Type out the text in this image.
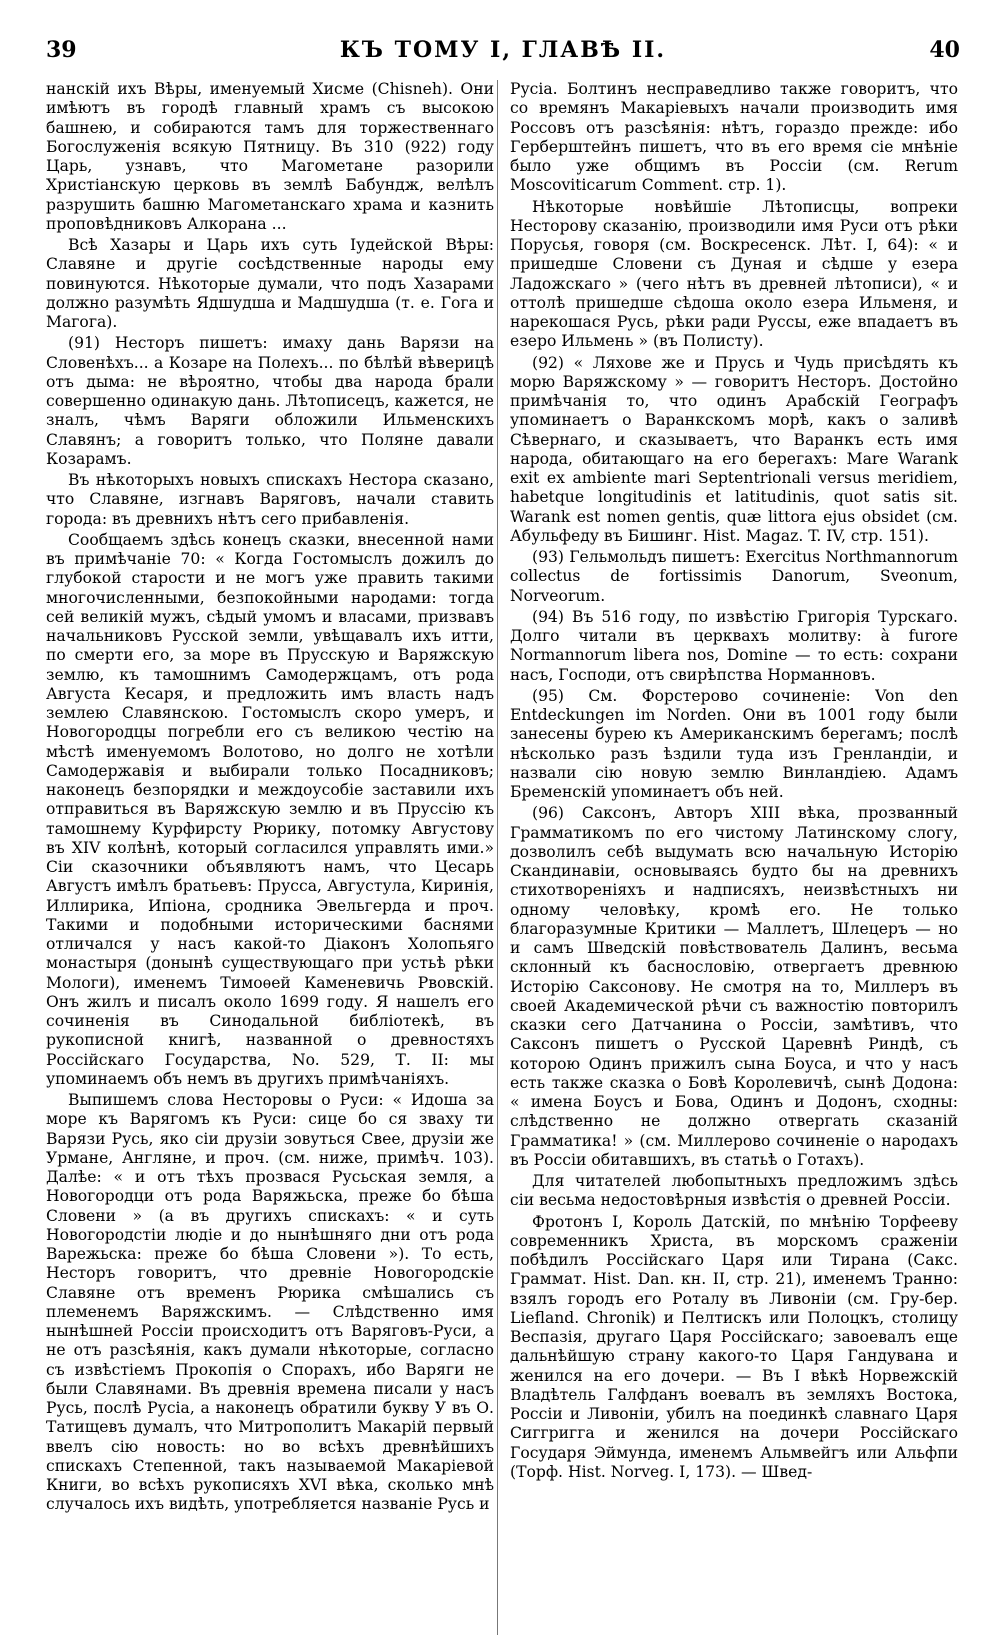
39	КЪ ТОМУ I, ГЛАВѢ II.	40

нанскій ихъ Вѣры, именуемый Хисме (Chisneh). Они имѣютъ въ городѣ главный храмъ съ высокою башнею, и собираются тамъ для торжественнаго Богослуженія всякую Пятницу. Въ 310 (922) году Царь, узнавъ, что Магометане разорили Христіанскую церковь въ землѣ Бабундж, велѣлъ разрушить башню Магометанскаго храма и казнить проповѣдниковъ Алкорана ...

Всѣ Хазары и Царь ихъ суть Іудейской Вѣры: Славяне и другіе сосѣдственные народы ему повинуются. Нѣкоторые думали, что подъ Хазарами должно разумѣть Ядшудша и Мадшудша (т. е. Гога и Магога).

(91) Несторъ пишетъ: имаху дань Варязи на Словенѣхъ... а Козаре на Полехъ... по бѣлѣй вѣверицѣ отъ дыма: не вѣроятно, чтобы два народа брали совершенно одинакую дань. Лѣтописецъ, кажется, не зналъ, чѣмъ Варяги обложили Ильменскихъ Славянъ; а говоритъ только, что Поляне давали Козарамъ.

Въ нѣкоторыхъ новыхъ спискахъ Нестора сказано, что Славяне, изгнавъ Варяговъ, начали ставить города: въ древнихъ нѣтъ сего прибавленія.

Сообщаемъ здѣсь конецъ сказки, внесенной нами въ примѣчаніе 70: « Когда Гостомыслъ дожилъ до глубокой старости и не могъ уже править такими многочисленными, безпокойными народами: тогда сей великій мужъ, сѣдый умомъ и власами, призвавъ начальниковъ Русской земли, увѣщавалъ ихъ итти, по смерти его, за море въ Прусскую и Варяжскую землю, къ тамошнимъ Самодержцамъ, отъ рода Августа Кесаря, и предложить имъ власть надъ землею Славянскою. Гостомыслъ скоро умеръ, и Новогородцы погребли его съ великою честію на мѣстѣ именуемомъ Волотово, но долго не хотѣли Самодержавія и выбирали только Посадниковъ; наконецъ безпорядки и междоусобіе заставили ихъ отправиться въ Варяжскую землю и въ Пруссію къ тамошнему Курфирсту Рюрику, потомку Августову въ XIV колѣнѣ, который согласился управлять ими.» Сіи сказочники объявляютъ намъ, что Цесарь Августъ имѣлъ братьевъ: Прусса, Августула, Киринія, Иллирика, Ипіона, сродника Эвельгерда и проч. Такими и подобными историческими баснями отличался у насъ какой-то Діаконъ Холопьяго монастыря (донынѣ существующаго при устьѣ рѣки Мологи), именемъ Тимоѳей Каменевичь Рвовскій. Онъ жилъ и писалъ около 1699 году. Я нашелъ его сочиненія въ Синодальной библіотекѣ, въ рукописной книгѣ, названной о древностяхъ Россійскаго Государства, No. 529, Т. II: мы упоминаемъ объ немъ въ другихъ примѣчаніяхъ.

Выпишемъ слова Несторовы о Руси: « Идоша за море къ Варягомъ къ Руси: сице бо ся зваху ти Варязи Русь, яко сіи друзіи зовуться Свее, друзіи же Урмане, Англяне, и проч. (см. ниже, примѣч. 103). Далѣе: « и отъ тѣхъ прозвася Русьская земля, а Новогородци отъ рода Варяжьска, преже бо бѣша Словени » (а въ другихъ спискахъ: « и суть Новогородстіи людіе и до нынѣшняго дни отъ рода Варежьска: преже бо бѣша Словени »). То есть, Несторъ говоритъ, что древніе Новогородскіе Славяне отъ временъ Рюрика смѣшались съ племенемъ Варяжскимъ. — Слѣдственно имя нынѣшней Россіи происходитъ отъ Варяговъ-Руси, а не отъ разсѣянія, какъ думали нѣкоторые, согласно съ извѣстіемъ Прокопія о Спорахъ, ибо Варяги не были Славянами. Въ древнія времена писали у насъ Русь, послѣ Русіа, а наконецъ обратили букву У въ О. Татищевъ думалъ, что Митрополитъ Макарій первый ввелъ сію новость: но во всѣхъ древнѣйшихъ спискахъ Степенной, такъ называемой Макаріевой Книги, во всѣхъ рукописяхъ XVI вѣка, сколько мнѣ случалось ихъ видѣть, употребляется названіе Русь и

Русіа. Болтинъ несправедливо также говоритъ, что со времянъ Макаріевыхъ начали производить имя Россовъ отъ разсѣянія: нѣтъ, гораздо прежде: ибо Герберштейнъ пишетъ, что въ его время сіе мнѣніе было уже общимъ въ Россіи (см. Rerum Moscoviticarum Comment. стр. 1).

Нѣкоторые новѣйшіе Лѣтописцы, вопреки Несторову сказанію, производили имя Руси отъ рѣки Порусья, говоря (см. Воскресенск. Лѣт. I, 64): « и пришедше Словени съ Дуная и сѣдше у езера Ладожскаго » (чего нѣтъ въ древней лѣтописи), « и оттолѣ пришедше сѣдоша около езера Ильменя, и нарекошася Русь, рѣки ради Руссы, еже впадаетъ въ езеро Ильмень » (въ Полисту).

(92) « Ляхове же и Прусь и Чудь присѣдять къ морю Варяжскому » — говоритъ Несторъ. Достойно примѣчанія то, что одинъ Арабскій Географъ упоминаетъ о Варанкскомъ морѣ, какъ о заливѣ Сѣвернаго, и сказываетъ, что Варанкъ есть имя народа, обитающаго на его берегахъ: Mare Warank exit ex ambiente mari Septentrionali versus meridiem, habetque longitudinis et latitudinis, quot satis sit. Warank est nomen gentis, quæ littora ejus obsidet (см. Абульфеду въ Бишинг. Hist. Magaz. T. IV, стр. 151).

(93) Гельмольдъ пишетъ: Exercitus Northmannorum collectus de fortissimis Danorum, Sveonum, Norveorum.

(94) Въ 516 году, по извѣстію Григорія Турскаго. Долго читали въ церквахъ молитву: à furore Normannorum libera nos, Domine — то есть: сохрани насъ, Господи, отъ свирѣпства Норманновъ.

(95) См. Форстерово сочиненіе: Von den Entdeckungen im Norden. Они въ 1001 году были занесены бурею къ Американскимъ берегамъ; послѣ нѣсколько разъ ѣздили туда изъ Гренландіи, и назвали сію новую землю Винландіею. Адамъ Бременскій упоминаетъ объ ней.

(96) Саксонъ, Авторъ XIII вѣка, прозванный Грамматикомъ по его чистому Латинскому слогу, дозволилъ себѣ выдумать всю начальную Исторію Скандинавіи, основываясь будто бы на древнихъ стихотвореніяхъ и надписяхъ, неизвѣстныхъ ни одному человѣку, кромѣ его. Не только благоразумные Критики — Маллетъ, Шлецеръ — но и самъ Шведскій повѣствователь Далинъ, весьма склонный къ баснословію, отвергаетъ древнюю Исторію Саксонову. Не смотря на то, Миллеръ въ своей Академической рѣчи съ важностію повторилъ сказки сего Датчанина о Россіи, замѣтивъ, что Саксонъ пишетъ о Русской Царевнѣ Риндѣ, съ которою Одинъ прижилъ сына Боуса, и что у насъ есть также сказка о Бовѣ Королевичѣ, сынѣ Додона: « имена Боусъ и Бова, Одинъ и Додонъ, сходны: слѣдственно не должно отвергать сказаній Грамматика! » (см. Миллерово сочиненіе о народахъ въ Россіи обитавшихъ, въ статьѣ о Готахъ).

Для читателей любопытныхъ предложимъ здѣсь сіи весьма недостовѣрныя извѣстія о древней Россіи.

Фротонъ I, Король Датскій, по мнѣнію Торфееву современникъ Христа, въ морскомъ сраженіи побѣдилъ Россійскаго Царя или Тирана (Сакс. Граммат. Hist. Dan. кн. II, стр. 21), именемъ Транно: взялъ городъ его Роталу въ Ливоніи (см. Гру-бер. Liefland. Chronik) и Пелтискъ или Полоцкъ, столицу Веспазія, другаго Царя Россійскаго; завоевалъ еще дальнѣйшую страну какого-то Царя Гандувана и женился на его дочери. — Въ I вѣкѣ Норвежскій Владѣтель Галфданъ воевалъ въ земляхъ Востока, Россіи и Ливоніи, убилъ на поединкѣ славнаго Царя Сиггригга и женился на дочери Россійскаго Государя Эймунда, именемъ Альмвейгъ или Альфпи (Торф. Hist. Norveg. I, 173). — Швед-
